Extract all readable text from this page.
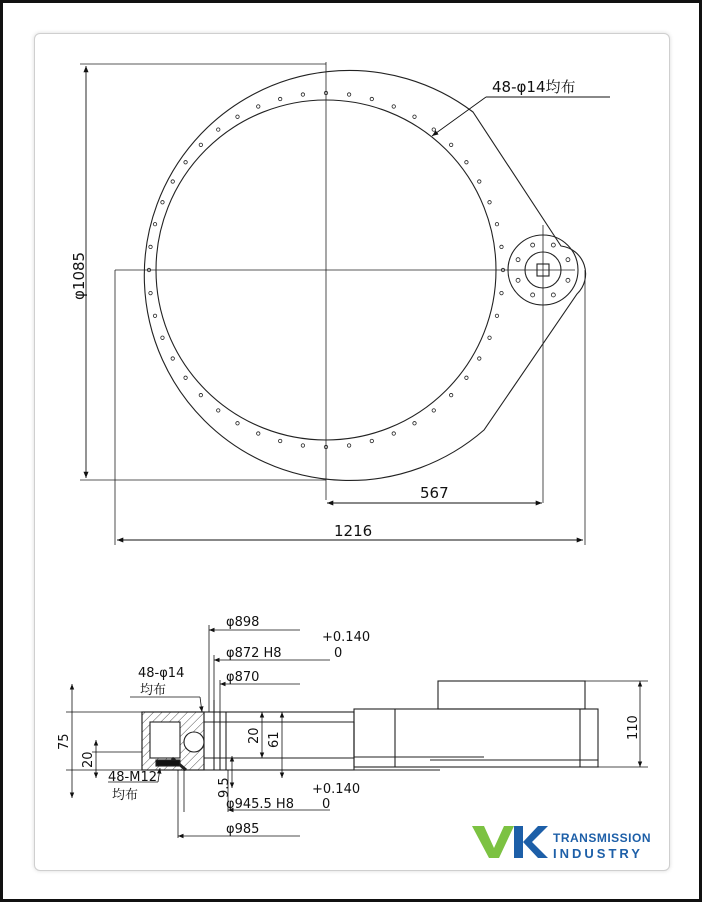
48-φ14均布
φ1085
567
1216
φ898
+0.140
φ872 H8	0
φ870
48-φ14
均布
75
20
20 61
9.5
110
48-M12
均布	+0.140
φ945.5 H8 0
φ985
TRANSMISSION
INDUSTRY
